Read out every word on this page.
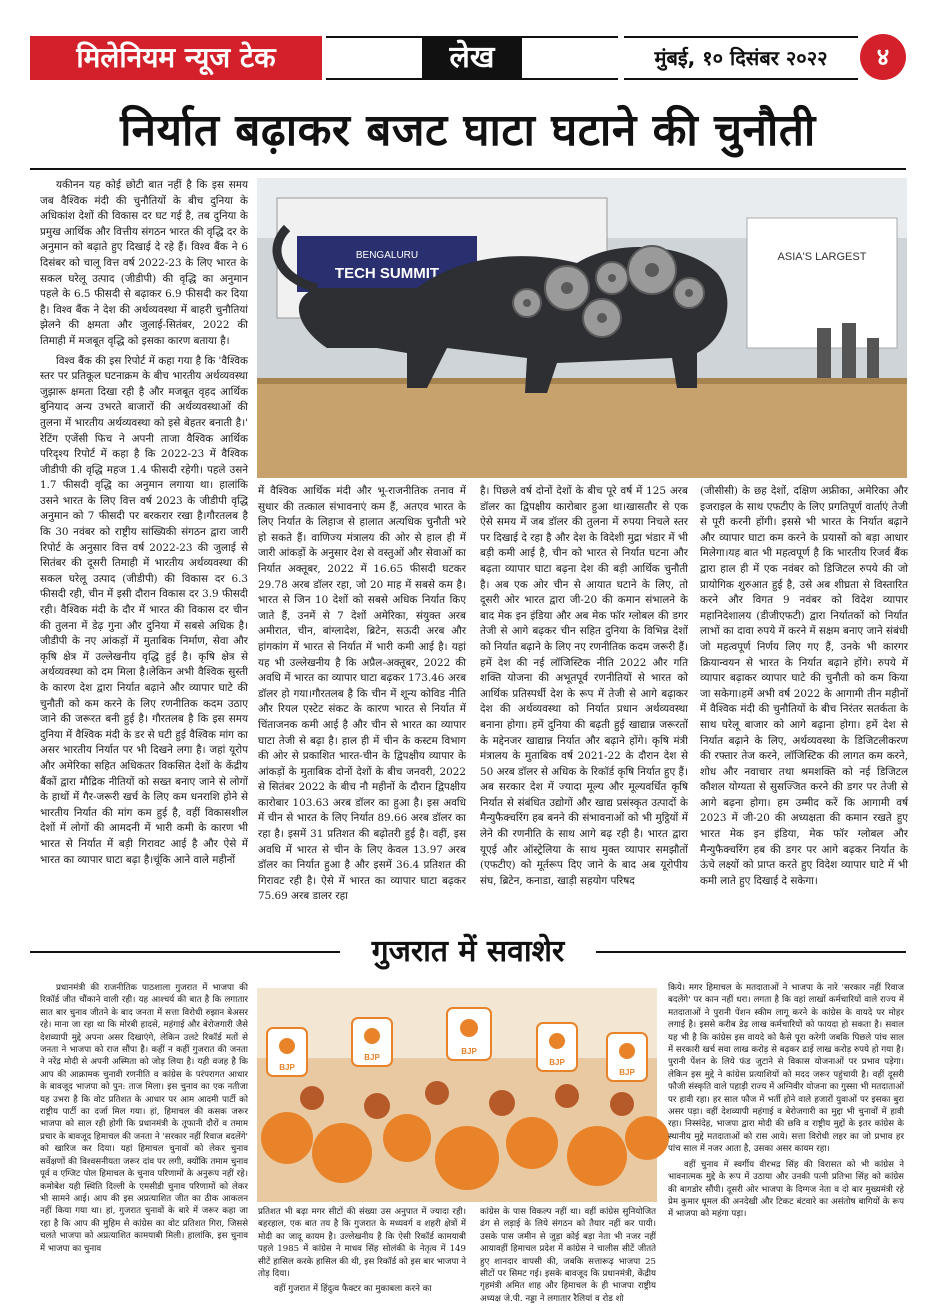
मिलेनियम न्यूज टेक	लेख	मुंबई, १० दिसंबर २०२२	४
निर्यात बढ़ाकर बजट घाटा घटाने की चुनौती

यकीनन यह कोई छोटी बात नहीं है कि इस समय जब वैश्विक मंदी की चुनौतियों के बीच दुनिया के अधिकांश देशों की विकास दर घट गई है, तब दुनिया के प्रमुख आर्थिक और वित्तीय संगठन भारत की वृद्धि दर के अनुमान को बढ़ाते हुए दिखाई दे रहे हैं। विश्व बैंक ने 6 दिसंबर को चालू वित्त वर्ष 2022-23 के लिए भारत के सकल घरेलू उत्पाद (जीडीपी) की वृद्धि का अनुमान पहले के 6.5 फीसदी से बढ़ाकर 6.9 फीसदी कर दिया है। विश्व बैंक ने देश की अर्थव्यवस्था में बाहरी चुनौतियां झेलने की क्षमता और जुलाई-सितंबर, 2022 की तिमाही में मजबूत वृद्धि को इसका कारण बताया है।

विश्व बैंक की इस रिपोर्ट में कहा गया है कि 'वैश्विक स्तर पर प्रतिकूल घटनाक्रम के बीच भारतीय अर्थव्यवस्था जुझारू क्षमता दिखा रही है और मजबूत वृहद आर्थिक बुनियाद अन्य उभरते बाजारों की अर्थव्यवस्थाओं की तुलना में भारतीय अर्थव्यवस्था को इसे बेहतर बनाती है।' रेटिंग एजेंसी फिच ने अपनी ताजा वैश्विक आर्थिक परिदृश्य रिपोर्ट में कहा है कि 2022-23 में वैश्विक जीडीपी की वृद्धि महज 1.4 फीसदी रहेगी। पहले उसने 1.7 फीसदी वृद्धि का अनुमान लगाया था। हालांकि उसने भारत के लिए वित्त वर्ष 2023 के जीडीपी वृद्धि अनुमान को 7 फीसदी पर बरकरार रखा है।गौरतलब है कि 30 नवंबर को राष्ट्रीय सांख्यिकी संगठन द्वारा जारी रिपोर्ट के अनुसार वित्त वर्ष 2022-23 की जुलाई से सितंबर की दूसरी तिमाही में भारतीय अर्थव्यवस्था की सकल घरेलू उत्पाद (जीडीपी) की विकास दर 6.3 फीसदी रही, चीन में इसी दौरान विकास दर 3.9 फीसदी रही। वैश्विक मंदी के दौर में भारत की विकास दर चीन की तुलना में डेढ़ गुना और दुनिया में सबसे अधिक है। जीडीपी के नए आंकड़ों में मुताबिक निर्माण, सेवा और कृषि क्षेत्र में उल्लेखनीय वृद्धि हुई है। कृषि क्षेत्र से अर्थव्यवस्था को दम मिला है।लेकिन अभी वैश्विक सुस्ती के कारण देश द्वारा निर्यात बढ़ाने और व्यापार घाटे की चुनौती को कम करने के लिए रणनीतिक कदम उठाए जाने की जरूरत बनी हुई है। गौरतलब है कि इस समय दुनिया में वैश्विक मंदी के डर से घटी हुई वैश्विक मांग का असर भारतीय निर्यात पर भी दिखने लगा है। जहां यूरोप और अमेरिका सहित अधिकतर विकसित देशों के केंद्रीय बैंकों द्वारा मौद्रिक नीतियों को सख्त बनाए जाने से लोगों के हाथों में गैर-जरूरी खर्च के लिए कम धनराशि होने से भारतीय निर्यात की मांग कम हुई है, वहीं विकासशील देशों में लोगों की आमदनी में भारी कमी के कारण भी भारत से निर्यात में बड़ी गिरावट आई है और ऐसे में भारत का व्यापार घाटा बढ़ा है।चूंकि आने वाले महीनों

BENGALURU
TECH SUMMIT
ASIA'S LARGEST

में वैश्विक आर्थिक मंदी और भू-राजनीतिक तनाव में सुधार की तत्काल संभावनाएं कम हैं, अतएव भारत के लिए निर्यात के लिहाज से हालात अत्यधिक चुनौती भरे हो सकते हैं। वाणिज्य मंत्रालय की ओर से हाल ही में जारी आंकड़ों के अनुसार देश से वस्तुओं और सेवाओं का निर्यात अक्तूबर, 2022 में 16.65 फीसदी घटकर 29.78 अरब डॉलर रहा, जो 20 माह में सबसे कम है। भारत से जिन 10 देशों को सबसे अधिक निर्यात किए जाते हैं, उनमें से 7 देशों अमेरिका, संयुक्त अरब अमीरात, चीन, बांग्लादेश, ब्रिटेन, सऊदी अरब और हांगकांग में भारत से निर्यात में भारी कमी आई है। यहां यह भी उल्लेखनीय है कि अप्रैल-अक्तूबर, 2022 की अवधि में भारत का व्यापार घाटा बढ़कर 173.46 अरब डॉलर हो गया।गौरतलब है कि चीन में शून्य कोविड नीति और रियल एस्टेट संकट के कारण भारत से निर्यात में चिंताजनक कमी आई है और चीन से भारत का व्यापार घाटा तेजी से बढ़ा है। हाल ही में चीन के कस्टम विभाग की ओर से प्रकाशित भारत-चीन के द्विपक्षीय व्यापार के आंकड़ों के मुताबिक दोनों देशों के बीच जनवरी, 2022 से सितंबर 2022 के बीच नौ महीनों के दौरान द्विपक्षीय कारोबार 103.63 अरब डॉलर का हुआ है। इस अवधि में चीन से भारत के लिए निर्यात 89.66 अरब डॉलर का रहा है। इसमें 31 प्रतिशत की बढ़ोतरी हुई है। वहीं, इस अवधि में भारत से चीन के लिए केवल 13.97 अरब डॉलर का निर्यात हुआ है और इसमें 36.4 प्रतिशत की गिरावट रही है। ऐसे में भारत का व्यापार घाटा बढ़कर 75.69 अरब डालर रहा

है। पिछले वर्ष दोनों देशों के बीच पूरे वर्ष में 125 अरब डॉलर का द्विपक्षीय कारोबार हुआ था।खासतौर से एक ऐसे समय में जब डॉलर की तुलना में रुपया निचले स्तर पर दिखाई दे रहा है और देश के विदेशी मुद्रा भंडार में भी बड़ी कमी आई है, चीन को भारत से निर्यात घटना और बढ़ता व्यापार घाटा बढ़ना देश की बड़ी आर्थिक चुनौती है। अब एक ओर चीन से आयात घटाने के लिए, तो दूसरी ओर भारत द्वारा जी-20 की कमान संभालने के बाद मेक इन इंडिया और अब मेक फॉर ग्लोबल की डगर तेजी से आगे बढ़कर चीन सहित दुनिया के विभिन्न देशों को निर्यात बढ़ाने के लिए नए रणनीतिक कदम जरूरी हैं।हमें देश की नई लॉजिस्टिक नीति 2022 और गति शक्ति योजना की अभूतपूर्व रणनीतियों से भारत को आर्थिक प्रतिस्पर्धी देश के रूप में तेजी से आगे बढ़ाकर देश की अर्थव्यवस्था को निर्यात प्रधान अर्थव्यवस्था बनाना होगा। हमें दुनिया की बढ़ती हुई खाद्यान्न जरूरतों के मद्देनजर खाद्यान्न निर्यात और बढ़ाने होंगे। कृषि मंत्री मंत्रालय के मुताबिक वर्ष 2021-22 के दौरान देश से 50 अरब डॉलर से अधिक के रिकॉर्ड कृषि निर्यात हुए हैं। अब सरकार देश में ज्यादा मूल्य और मूल्यवर्धित कृषि निर्यात से संबंधित उद्योगों और खाद्य प्रसंस्कृत उत्पादों के मैन्युफैक्चरिंग हब बनने की संभावनाओं को भी मुट्ठियों में लेने की रणनीति के साथ आगे बढ़ रही है। भारत द्वारा यूएई और ऑस्ट्रेलिया के साथ मुक्त व्यापार समझौतों (एफटीए) को मूर्तरूप दिए जाने के बाद अब यूरोपीय संघ, ब्रिटेन, कनाडा, खाड़ी सहयोग परिषद

(जीसीसी) के छह देशों, दक्षिण अफ्रीका, अमेरिका और इजराइल के साथ एफटीए के लिए प्रगतिपूर्ण वार्ताएं तेजी से पूरी करनी होंगी। इससे भी भारत के निर्यात बढ़ाने और व्यापार घाटा कम करने के प्रयासों को बड़ा आधार मिलेगा।यह बात भी महत्वपूर्ण है कि भारतीय रिजर्व बैंक द्वारा हाल ही में एक नवंबर को डिजिटल रुपये की जो प्रायोगिक शुरुआत हुई है, उसे अब शीघ्रता से विस्तारित करने और विगत 9 नवंबर को विदेश व्यापार महानिदेशालय (डीजीएफटी) द्वारा निर्यातकों को निर्यात लाभों का दावा रुपये में करने में सक्षम बनाए जाने संबंधी जो महत्वपूर्ण निर्णय लिए गए हैं, उनके भी कारगर क्रियान्वयन से भारत के निर्यात बढ़ाने होंगे। रुपये में व्यापार बढ़ाकर व्यापार घाटे की चुनौती को कम किया जा सकेगा।हमें अभी वर्ष 2022 के आगामी तीन महीनों में वैश्विक मंदी की चुनौतियों के बीच निरंतर सतर्कता के साथ घरेलू बाजार को आगे बढ़ाना होगा। हमें देश से निर्यात बढ़ाने के लिए, अर्थव्यवस्था के डिजिटलीकरण की रफ्तार तेज करने, लॉजिस्टिक की लागत कम करने, शोध और नवाचार तथा श्रमशक्ति को नई डिजिटल कौशल योग्यता से सुसज्जित करने की डगर पर तेजी से आगे बढ़ना होगा। हम उम्मीद करें कि आगामी वर्ष 2023 में जी-20 की अध्यक्षता की कमान रखते हुए भारत मेक इन इंडिया, मेक फॉर ग्लोबल और मैन्युफैक्चरिंग हब की डगर पर आगे बढ़कर निर्यात के ऊंचे लक्ष्यों को प्राप्त करते हुए विदेश व्यापार घाटे में भी कमी लाते हुए दिखाई दे सकेगा।

गुजरात में सवाशेर

प्रधानमंत्री की राजनीतिक पाठशाला गुजरात में भाजपा की रिकॉर्ड जीत चौंकाने वाली रही। यह आश्चर्य की बात है कि लगातार सात बार चुनाव जीतने के बाद जनता में सत्ता विरोधी रुझान बेअसर रहे। माना जा रहा था कि मोरबी हादसे, महंगाई और बेरोजगारी जैसे देशव्यापी मुद्दे अपना असर दिखाएंगे, लेकिन उलटे रिकॉर्ड मतों से जनता ने भाजपा को राज सौंपा है। कहीं न कहीं गुजरात की जनता ने नरेंद्र मोदी से अपनी अस्मिता को जोड़ लिया है। यही वजह है कि आप की आक्रामक चुनावी रणनीति व कांग्रेस के परंपरागत आधार के बावजूद भाजपा को पुन: ताज मिला। इस चुनाव का एक नतीजा यह उभरा है कि वोट प्रतिशत के आधार पर आम आदमी पार्टी को राष्ट्रीय पार्टी का दर्जा मिल गया। हां, हिमाचल की कसक जरूर भाजपा को साल रही होगी कि प्रधानमंत्री के तूफानी दौरों व तमाम प्रचार के बावजूद हिमाचल की जनता ने 'सरकार नहीं रिवाज बदलेंगे' को खारिज कर दिया। यहां हिमाचल चुनावों को लेकर चुनाव सर्वेक्षणों की विश्वसनीयता जरूर दांव पर लगी, क्योंकि तमाम चुनाव पूर्व व एग्जिट पोल हिमाचल के चुनाव परिणामों के अनुरूप नहीं रहे। कमोबेश यही स्थिति दिल्ली के एमसीडी चुनाव परिणामों को लेकर भी सामने आई। आप की इस अप्रत्याशित जीत का ठीक आकलन नहीं किया गया था। हां, गुजरात चुनावों के बारे में जरूर कहा जा रहा है कि आप की मुहिम से कांग्रेस का वोट प्रतिशत गिरा, जिससे चलते भाजपा को अप्रत्याशित कामयाबी मिली। हालांकि, इस चुनाव में भाजपा का चुनाव

BJP
BJP
BJP
BJP
BJP

प्रतिशत भी बढ़ा मगर सीटों की संख्या उस अनुपात में ज्यादा रही। बहरहाल, एक बात तय है कि गुजरात के मध्यवर्ग व शहरी क्षेत्रों में मोदी का जादू कायम है। उल्लेखनीय है कि ऐसी रिकॉर्ड कामयाबी पहले 1985 में कांग्रेस ने माधव सिंह सोलंकी के नेतृत्व में 149 सीटें हासिल करके हासिल की थी, इस रिकॉर्ड को इस बार भाजपा ने तोड़ दिया।

वहीं गुजरात में हिंदुत्व फैक्टर का मुकाबला करने का

कांग्रेस के पास विकल्प नहीं था। वहीं कांग्रेस सुनियोजित ढंग से लड़ाई के लिये संगठन को तैयार नहीं कर पायी। उसके पास जमीन से जुड़ा कोई बड़ा नेता भी नजर नहीं आयावहीं हिमाचल प्रदेश में कांग्रेस ने चालीस सीटें जीतते हुए शानदार वापसी की, जबकि सत्तारूढ़ भाजपा 25 सीटों पर सिमट गई। इसके बावजूद कि प्रधानमंत्री, केंद्रीय गृहमंत्री अमित शाह और हिमाचल के ही भाजपा राष्ट्रीय अध्यक्ष जे.पी. नड्डा ने लगातार रैलियां व रोड शो

किये। मगर हिमाचल के मतदाताओं ने भाजपा के नारे 'सरकार नहीं रिवाज बदलेंगे' पर कान नहीं धरा। लगता है कि वहां लाखों कर्मचारियों वाले राज्य में मतदाताओं ने पुरानी पेंशन स्कीम लागू करने के कांग्रेस के वायदे पर मोहर लगाई है। इससे करीब डेढ़ लाख कर्मचारियों को फायदा हो सकता है। सवाल यह भी है कि कांग्रेस इस वायदे को कैसे पूरा करेगी जबकि पिछले पांच साल में सरकारी खर्च सवा लाख करोड़ से बढ़कर ढाई लाख करोड़ रुपये हो गया है। पुरानी पेंशन के लिये फंड जुटाने से विकास योजनाओं पर प्रभाव पड़ेगा। लेकिन इस मुद्दे ने कांग्रेस प्रत्याशियों को मदद जरूर पहुंचायी है। वहीं दूसरी फौजी संस्कृति वाले पहाड़ी राज्य में अग्निवीर योजना का गुस्सा भी मतदाताओं पर हावी रहा। हर साल फौज में भर्ती होने वाले हजारों युवाओं पर इसका बुरा असर पड़ा। वहीं देशव्यापी महंगाई व बेरोजगारी का मुद्दा भी चुनावों में हावी रहा। निस्संदेह, भाजपा द्वारा मोदी की छवि व राष्ट्रीय मुद्दों के इतर कांग्रेस के स्थानीय मुद्दे मतदाताओं को रास आये। सत्ता विरोधी लहर का जो प्रभाव हर पांच साल में नजर आता है, उसका असर कायम रहा।

वहीं चुनाव में स्वर्गीय वीरभद्र सिंह की विरासत को भी कांग्रेस ने भावनात्मक मुद्दे के रूप में उठाया और उनकी पत्नी प्रतिभा सिंह को कांग्रेस की बागडोर सौंपी। दूसरी ओर भाजपा के दिग्गज नेता व दो बार मुख्यमंत्री रहे प्रेम कुमार धूमल की अनदेखी और टिकट बंटवारे का असंतोष बागियों के रूप में भाजपा को महंगा पड़ा।
